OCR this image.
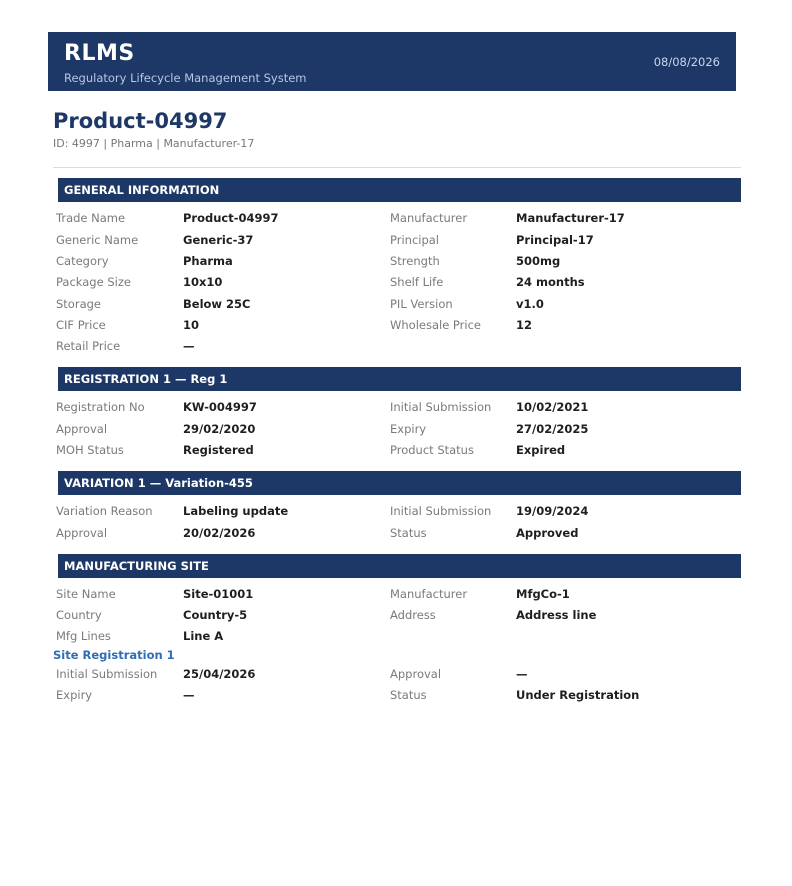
RLMS
Regulatory Lifecycle Management System
08/08/2026
Product-04997
ID: 4997 | Pharma | Manufacturer-17
GENERAL INFORMATION
Trade Name	Product-04997	Manufacturer	Manufacturer-17
Generic Name	Generic-37	Principal	Principal-17
Category	Pharma	Strength	500mg
Package Size	10x10	Shelf Life	24 months
Storage	Below 25C	PIL Version	v1.0
CIF Price	10	Wholesale Price	12
Retail Price	—
REGISTRATION 1 — Reg 1
Registration No	KW-004997	Initial Submission 10/02/2021
Approval	29/02/2020	Expiry	27/02/2025
MOH Status	Registered	Product Status	Expired
VARIATION 1 — Variation-455
Variation Reason	Labeling update	Initial Submission 19/09/2024
Approval	20/02/2026	Status	Approved
MANUFACTURING SITE
Site Name	Site-01001	Manufacturer	MfgCo-1
Country	Country-5	Address	Address line
Mfg Lines	Line A
Site Registration 1
Initial Submission 25/04/2026	Approval	—
Expiry	—	Status	Under Registration
